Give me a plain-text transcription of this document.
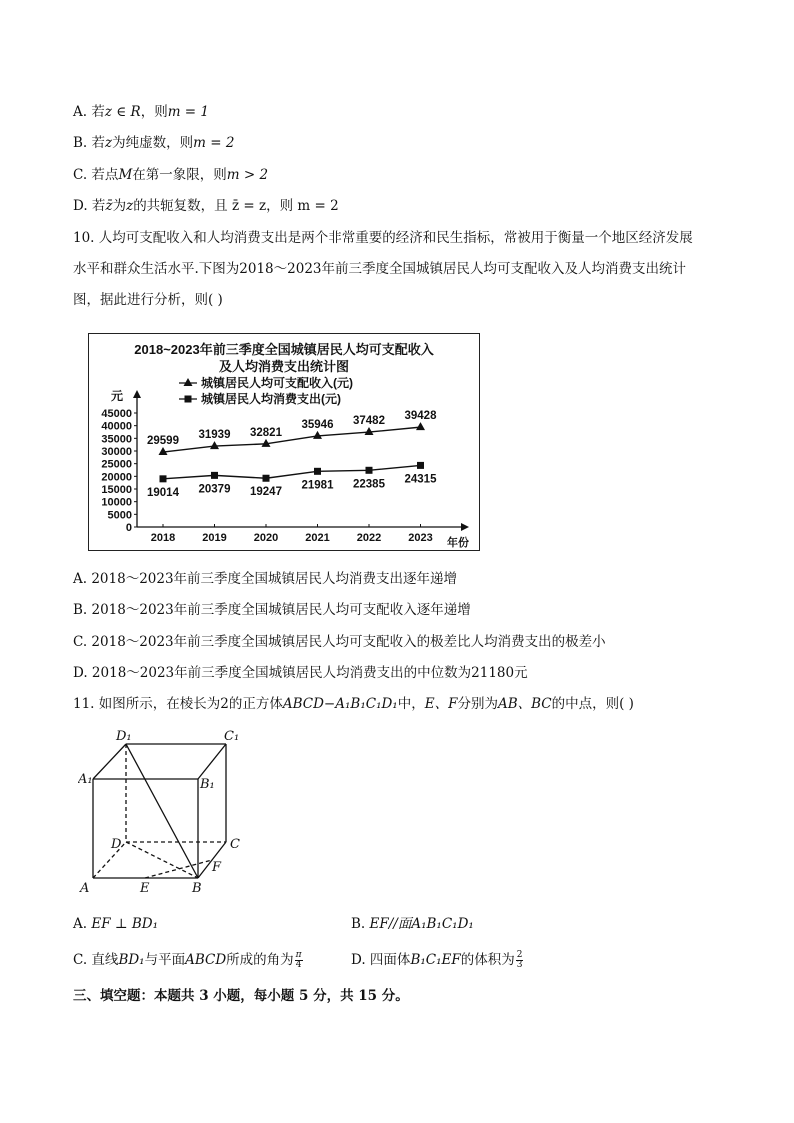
A. 若z ∈ R，则m = 1
B. 若z为纯虚数，则m = 2
C. 若点M在第一象限，则m > 2
D. 若z̄为z的共轭复数，且 z̄ = z，则 m = 2
10. 人均可支配收入和人均消费支出是两个非常重要的经济和民生指标，常被用于衡量一个地区经济发展
水平和群众生活水平.下图为2018～2023年前三季度全国城镇居民人均可支配收入及人均消费支出统计
图，据此进行分析，则( )
2018~2023年前三季度全国城镇居民人均可支配收入
及人均消费支出统计图
元
年份
0
5000
10000
15000
20000
25000
30000
35000
40000
45000
2018 2019 2020 2021 2022 2023
城镇居民人均可支配收入(元)
城镇居民人均消费支出(元)
29599 31939 32821
35946 37482 39428
19014 20379 19247
21981 22385 24315
A. 2018～2023年前三季度全国城镇居民人均消费支出逐年递增
B. 2018～2023年前三季度全国城镇居民人均可支配收入逐年递增
C. 2018～2023年前三季度全国城镇居民人均可支配收入的极差比人均消费支出的极差小
D. 2018～2023年前三季度全国城镇居民人均消费支出的中位数为21180元
11. 如图所示，在棱长为2的正方体ABCD−A₁B₁C₁D₁中，E、F分别为AB、BC的中点，则( )
A	B
C
D
E
F
A₁	B₁
C₁
D₁
A. EF ⊥ BD₁	B. EF//面A₁B₁C₁D₁
C. 直线BD₁与平面ABCD所成的角为 $\frac{\pi}{4}$	D. 四面体B₁C₁EF的体积为 $\frac{2}{3}$
三、填空题：本题共 3 小题，每小题 5 分，共 15 分。
